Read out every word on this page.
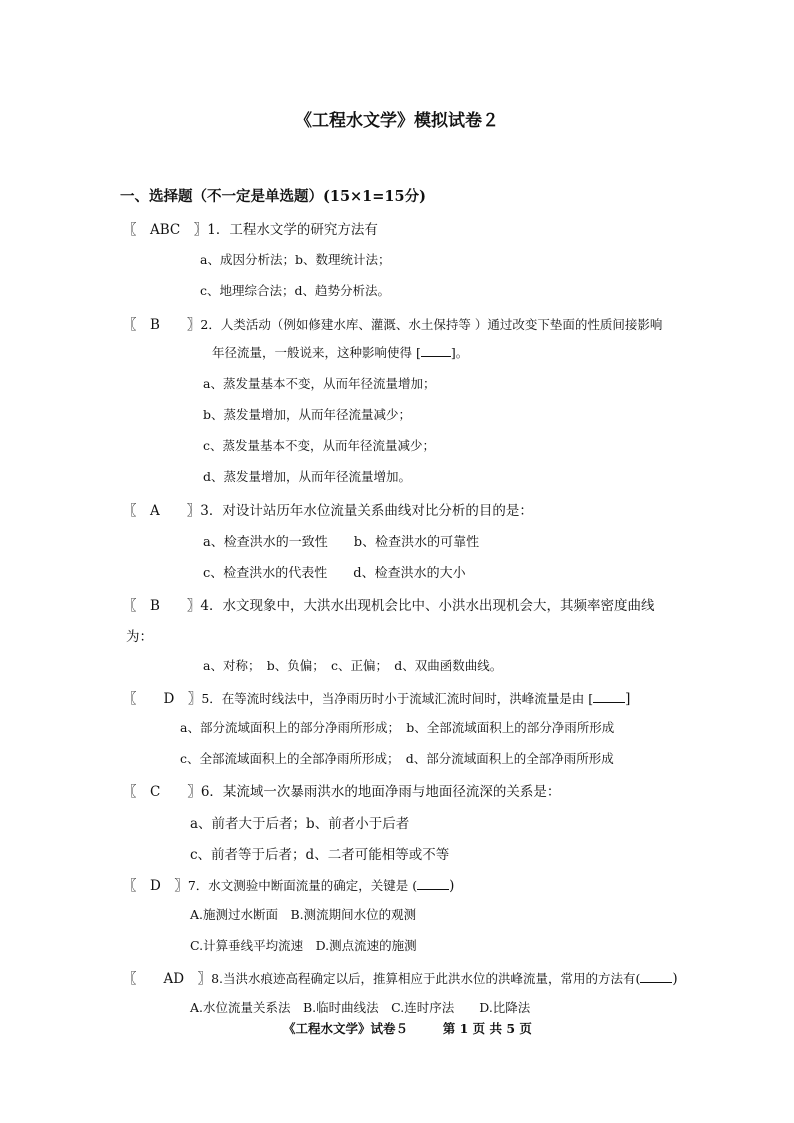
《工程水文学》模拟试卷２
一、选择题（不一定是单选题）(15×1=15分)
〖　ABC　〗1．工程水文学的研究方法有
a、成因分析法；b、数理统计法；
c、地理综合法；d、趋势分析法。
〖　B　　〗2．人类活动（例如修建水库、灌溉、水土保持等 ）通过改变下垫面的性质间接影响
年径流量，一般说来，这种影响使得 [ ]。
a、蒸发量基本不变，从而年径流量增加；
b、蒸发量增加，从而年径流量减少；
c、蒸发量基本不变，从而年径流量减少；
d、蒸发量增加，从而年径流量增加。
〖　A　　〗3．对设计站历年水位流量关系曲线对比分析的目的是：
a、检查洪水的一致性　　b、检查洪水的可靠性
c、检查洪水的代表性　　d、检查洪水的大小
〖　B　　〗4．水文现象中，大洪水出现机会比中、小洪水出现机会大，其频率密度曲线
为：
a、对称；　b、负偏；　c、正偏；　d、双曲函数曲线。
〖　　D　〗5．在等流时线法中，当净雨历时小于流域汇流时间时，洪峰流量是由 [ ]
a、部分流域面积上的部分净雨所形成；　b、全部流域面积上的部分净雨所形成
c、全部流域面积上的全部净雨所形成；　d、部分流域面积上的全部净雨所形成
〖　C　　〗6．某流域一次暴雨洪水的地面净雨与地面径流深的关系是：
a、前者大于后者；b、前者小于后者
c、前者等于后者；d、二者可能相等或不等
〖　D　〗7．水文测验中断面流量的确定，关键是 ( )
A.施测过水断面　B.测流期间水位的观测
C.计算垂线平均流速　D.测点流速的施测
〖　　AD　〗8.当洪水痕迹高程确定以后，推算相应于此洪水位的洪峰流量，常用的方法有( )
A.水位流量关系法　B.临时曲线法　C.连时序法　　D.比降法
《工程水文学》试卷５	第 1 页 共 5 页
